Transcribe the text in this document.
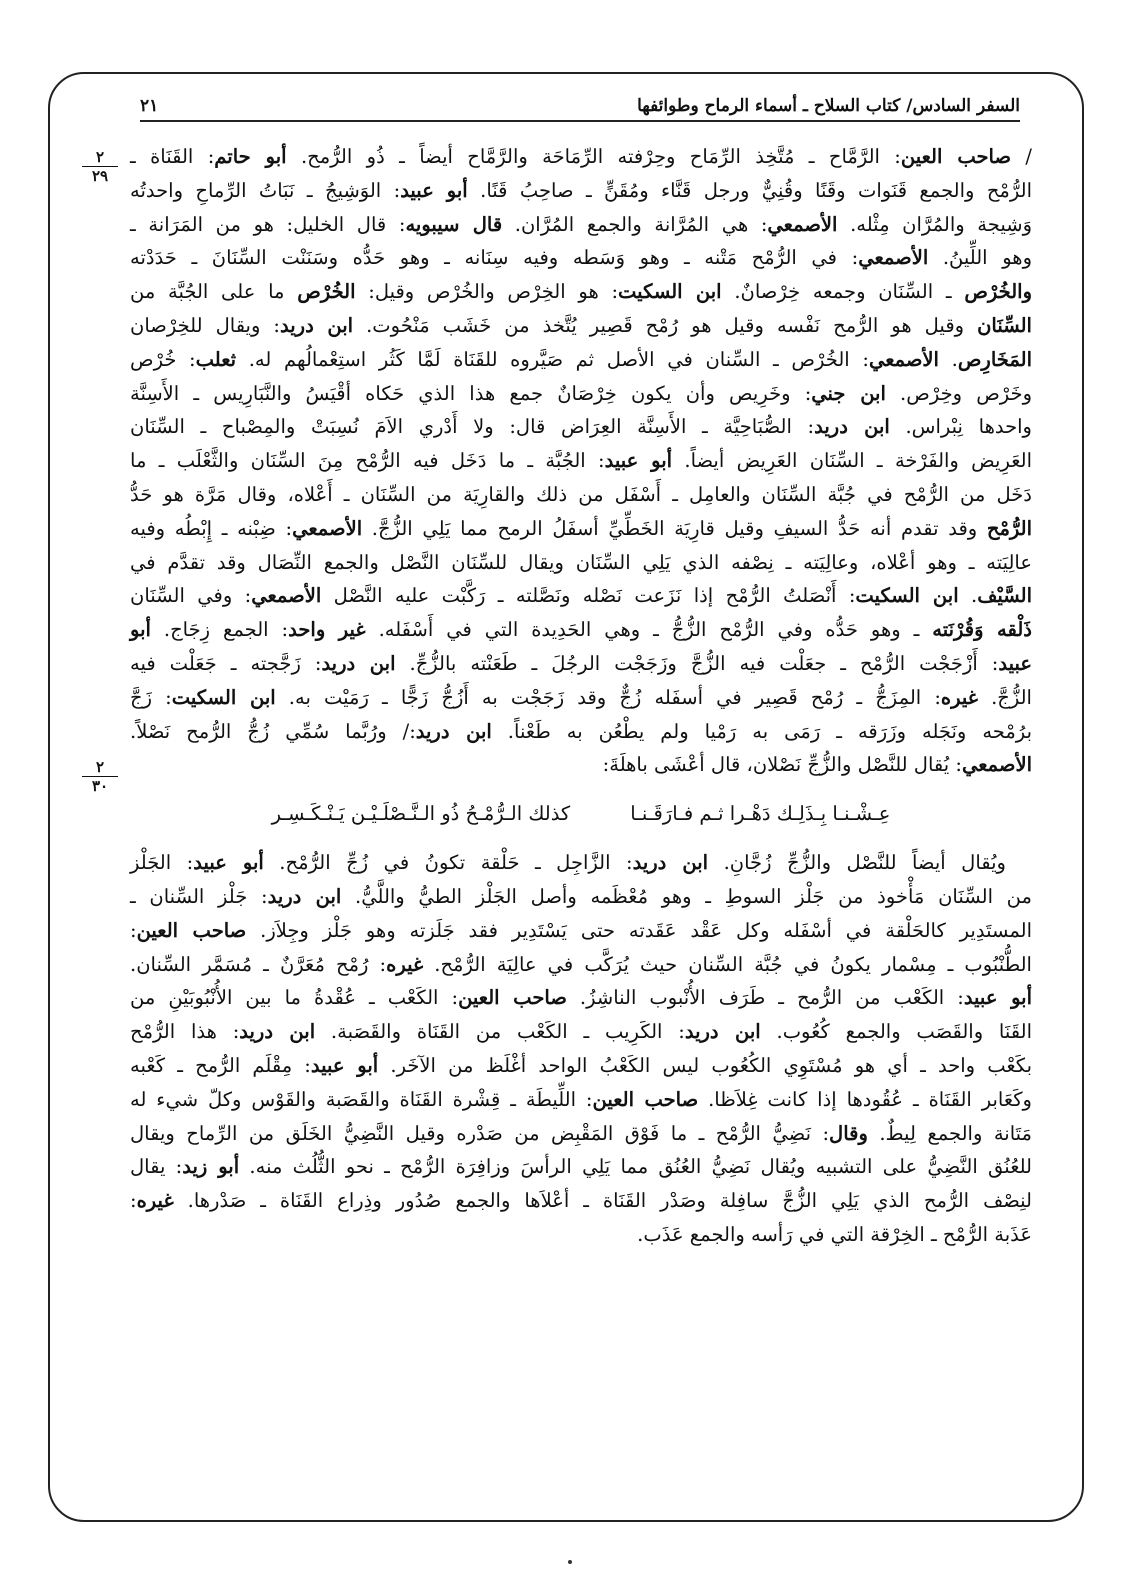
السفر السادس/ كتاب السلاح ـ أسماء الرماح وطوائفها
٢١
٢
٢٩
٢
٣٠

/ صاحب العين: الرَّمَّاح ـ مُتَّخِذ الرِّمَاح وحِرْفته الرِّمَاحَة والرَّمَّاح أيضاً ـ ذُو الرُّمح. أبو حاتم: القَنَاة ـ

الرُّمْح والجمع قَنَوات وقَنًا وقُنِيٌّ ورجل قَنَّاء ومُقَنٍّ ـ صاحِبُ قَنًا. أبو عبيد: الوَشِيجُ ـ نَبَاتُ الرِّماحِ واحدتُه

وَشِيجة والمُرَّان مِثْله. الأصمعي: هي المُرَّانة والجمع المُرَّان. قال سيبويه: قال الخليل: هو من المَرَانة ـ

وهو اللِّينُ. الأصمعي: في الرُّمْح مَتْنه ـ وهو وَسَطه وفيه سِنَانه ـ وهو حَدُّه وسَنَنْت السِّنَانَ ـ حَدَدْته

والخُرْص ـ السِّنَان وجمعه خِرْصانٌ. ابن السكيت: هو الخِرْص والخُرْص وقيل: الخُرْص ما على الجُبَّة من

السِّنَان وقيل هو الرُّمح نَفْسه وقيل هو رُمْح قَصِير يُتَّخذ من خَشَب مَنْحُوت. ابن دريد: ويقال للخِرْصان

المَخَارِص. الأصمعي: الخُرْص ـ السِّنان في الأصل ثم صَيَّروه للقَنَاة لَمَّا كَثُر استِعْمالُهم له. ثعلب: خُرْص

وخَرْص وخِرْص. ابن جني: وخَرِيص وأن يكون خِرْصَانٌ جمع هذا الذي حَكاه أقْيَسُ والنَّبَارِيس ـ الأَسِنَّة

واحدها نِبْراس. ابن دريد: الصُّبَاحِيَّة ـ الأَسِنَّة العِرَاض قال: ولا أَدْري الاَمَ نُسِبَتْ والمِصْباح ـ السِّنَان

العَرِيض والفَرْخة ـ السِّنَان العَرِيض أيضاً. أبو عبيد: الجُبَّة ـ ما دَخَل فيه الرُّمْح مِنَ السِّنَان والثَّعْلَب ـ ما

دَخَل من الرُّمْح في جُبَّة السِّنَان والعامِل ـ أَسْفَل من ذلك والقارِيَة من السِّنَان ـ أَعْلاه، وقال مَرَّة هو حَدُّ

الرُّمْح وقد تقدم أنه حَدُّ السيفِ وقيل قارِيَة الخَطِّيِّ أسفَلُ الرمح مما يَلِي الزُّجَّ. الأصمعي: ضِبْنه ـ إِبْطُه وفيه

عالِيَته ـ وهو أعْلاه، وعالِيَته ـ نِصْفه الذي يَلِي السِّنَان ويقال للسِّنَان النَّصْل والجمع النِّصَال وقد تقدَّم في

السَّيْف. ابن السكيت: أَنْصَلتُ الرُّمْح إذا نَزَعت نَصْله ونَصَّلته ـ رَكَّبْت عليه النَّصْل الأصمعي: وفي السِّنَان

ذَلْقه وَقُرْنَته ـ وهو حَدُّه وفي الرُّمْح الزُّجُّ ـ وهي الحَدِيدة التي في أَسْفَله. غير واحد: الجمع زِجَاج. أبو

عبيد: أَزْجَجْت الرُّمْح ـ جعَلْت فيه الزُّجَّ وزَجَجْت الرجُلَ ـ طَعَنْته بالزُّجِّ. ابن دريد: زَجَّجته ـ جَعَلْت فيه

الزُّجَّ. غيره: المِزَجُّ ـ رُمْح قَصِير في أسفَله زُجٌّ وقد زَجَجْت به أَزُجُّ زَجًّا ـ رَمَيْت به. ابن السكيت: زَجَّ

برُمْحه ونَجَله وزَرَقه ـ رَمَى به رَمْيا ولم يطْعُن به طَعْناً. ابن دريد:/ ورُبَّما سُمِّي زُجُّ الرُّمح نَصْلاً.

الأصمعي: يُقال للنَّصْل والزُّجِّ نَصْلان، قال أعْشَى باهلَةَ:

عِـشْـنـا بِـذَلِـك دَهْـرا ثـم فـارَقَـنـا
كذلك الـرُّمْـحُ ذُو الـنَّـصْلَـيْـن يَـنْـكَـسِـر

ويُقال أيضاً للنَّصْل والزُّجِّ زُجَّانِ. ابن دريد: الزَّاجِل ـ حَلْقة تكونُ في زُجِّ الرُّمْح. أبو عبيد: الجَلْز

من السِّنَان مَأْخوذ من جَلْز السوطِ ـ وهو مُعْظَمه وأصل الجَلْز الطيُّ واللَّيُّ. ابن دريد: جَلْز السِّنان ـ

المستَدِير كالحَلْقة في أسْفَله وكل عَقْد عَقَدته حتى يَسْتَدِير فقد جَلَزته وهو جَلْز وجِلاَز. صاحب العين:

الطُّنْبُوب ـ مِسْمار يكونُ في جُبَّة السِّنان حيث يُرَكَّب في عالِيَة الرُّمْح. غيره: رُمْح مُعَرَّنٌ ـ مُسَمَّر السِّنان.

أبو عبيد: الكَعْب من الرُّمح ـ طَرَف الأُنْبوب الناشِزُ. صاحب العين: الكَعْب ـ عُقْدةُ ما بين الأُنْبُوبَيْنِ من

القَنَا والقَصَب والجمع كُعُوب. ابن دريد: الكَرِيب ـ الكَعْب من القَنَاة والقَصَبة. ابن دريد: هذا الرُّمْح

بكَعْب واحد ـ أي هو مُسْتَوِي الكُعُوب ليس الكَعْبُ الواحد أغْلَظ من الآخَر. أبو عبيد: مِقْلَم الرُّمح ـ كَعْبه

وكَعَابر القَنَاة ـ عُقُودها إذا كانت غِلاَظا. صاحب العين: اللِّيطَة ـ قِشْرة القَنَاة والقَصَبة والقَوْس وكلّ شيء له

مَتَانة والجمع لِيطٌ. وقال: نَضِيُّ الرُّمْح ـ ما فَوْق المَقْبِض من صَدْره وقيل النَّضِيُّ الخَلَق من الرِّماح ويقال

للعُنُق النَّضِيُّ على التشبيه ويُقال نَضِيُّ العُنُق مما يَلِي الرأسَ وزافِرَة الرُّمْح ـ نحو الثُّلُث منه. أبو زيد: يقال

لنِصْف الرُّمح الذي يَلِي الزُّجَّ سافِلة وصَدْر القَنَاة ـ أعْلاَها والجمع صُدُور وذِراع القَنَاة ـ صَدْرها. غيره:

عَذَبة الرُّمْح ـ الخِرْقة التي في رَأسه والجمع عَذَب.
